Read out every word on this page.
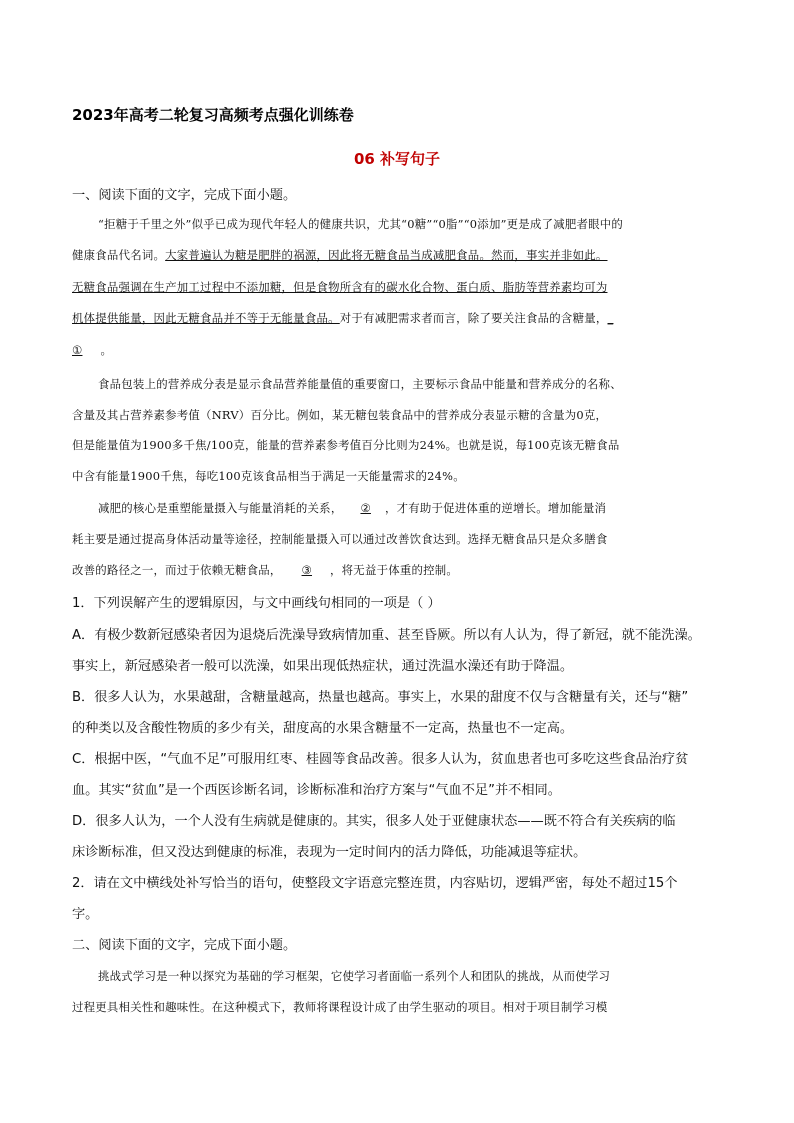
2023年高考二轮复习高频考点强化训练卷
06 补写句子
一、阅读下面的文字，完成下面小题。
“拒糖于千里之外”似乎已成为现代年轻人的健康共识，尤其“0糖”“0脂”“0添加”更是成了减肥者眼中的
健康食品代名词。大家普遍认为糖是肥胖的祸源，因此将无糖食品当成减肥食品。然而，事实并非如此。
无糖食品强调在生产加工过程中不添加糖，但是食物所含有的碳水化合物、蛋白质、脂肪等营养素均可为
机体提供能量，因此无糖食品并不等于无能量食品。对于有减肥需求者而言，除了要关注食品的含糖量，_
① 。
食品包装上的营养成分表是显示食品营养能量值的重要窗口，主要标示食品中能量和营养成分的名称、
含量及其占营养素参考值（NRV）百分比。例如，某无糖包装食品中的营养成分表显示糖的含量为0克，
但是能量值为1900多千焦/100克，能量的营养素参考值百分比则为24%。也就是说，每100克该无糖食品
中含有能量1900千焦，每吃100克该食品相当于满足一天能量需求的24%。
减肥的核心是重塑能量摄入与能量消耗的关系， ② ，才有助于促进体重的逆增长。增加能量消
耗主要是通过提高身体活动量等途径，控制能量摄入可以通过改善饮食达到。选择无糖食品只是众多膳食
改善的路径之一，而过于依赖无糖食品， ③ ，将无益于体重的控制。
1．下列误解产生的逻辑原因，与文中画线句相同的一项是（ ）
A．有极少数新冠感染者因为退烧后洗澡导致病情加重、甚至昏厥。所以有人认为，得了新冠，就不能洗澡。
事实上，新冠感染者一般可以洗澡，如果出现低热症状，通过洗温水澡还有助于降温。
B．很多人认为，水果越甜，含糖量越高，热量也越高。事实上，水果的甜度不仅与含糖量有关，还与“糖”
的种类以及含酸性物质的多少有关，甜度高的水果含糖量不一定高，热量也不一定高。
C．根据中医，“气血不足”可服用红枣、桂圆等食品改善。很多人认为，贫血患者也可多吃这些食品治疗贫
血。其实“贫血”是一个西医诊断名词，诊断标准和治疗方案与“气血不足”并不相同。
D．很多人认为，一个人没有生病就是健康的。其实，很多人处于亚健康状态——既不符合有关疾病的临
床诊断标准，但又没达到健康的标准，表现为一定时间内的活力降低，功能减退等症状。
2．请在文中横线处补写恰当的语句，使整段文字语意完整连贯，内容贴切，逻辑严密，每处不超过15个
字。
二、阅读下面的文字，完成下面小题。
挑战式学习是一种以探究为基础的学习框架，它使学习者面临一系列个人和团队的挑战，从而使学习
过程更具相关性和趣味性。在这种模式下，教师将课程设计成了由学生驱动的项目。相对于项目制学习模
